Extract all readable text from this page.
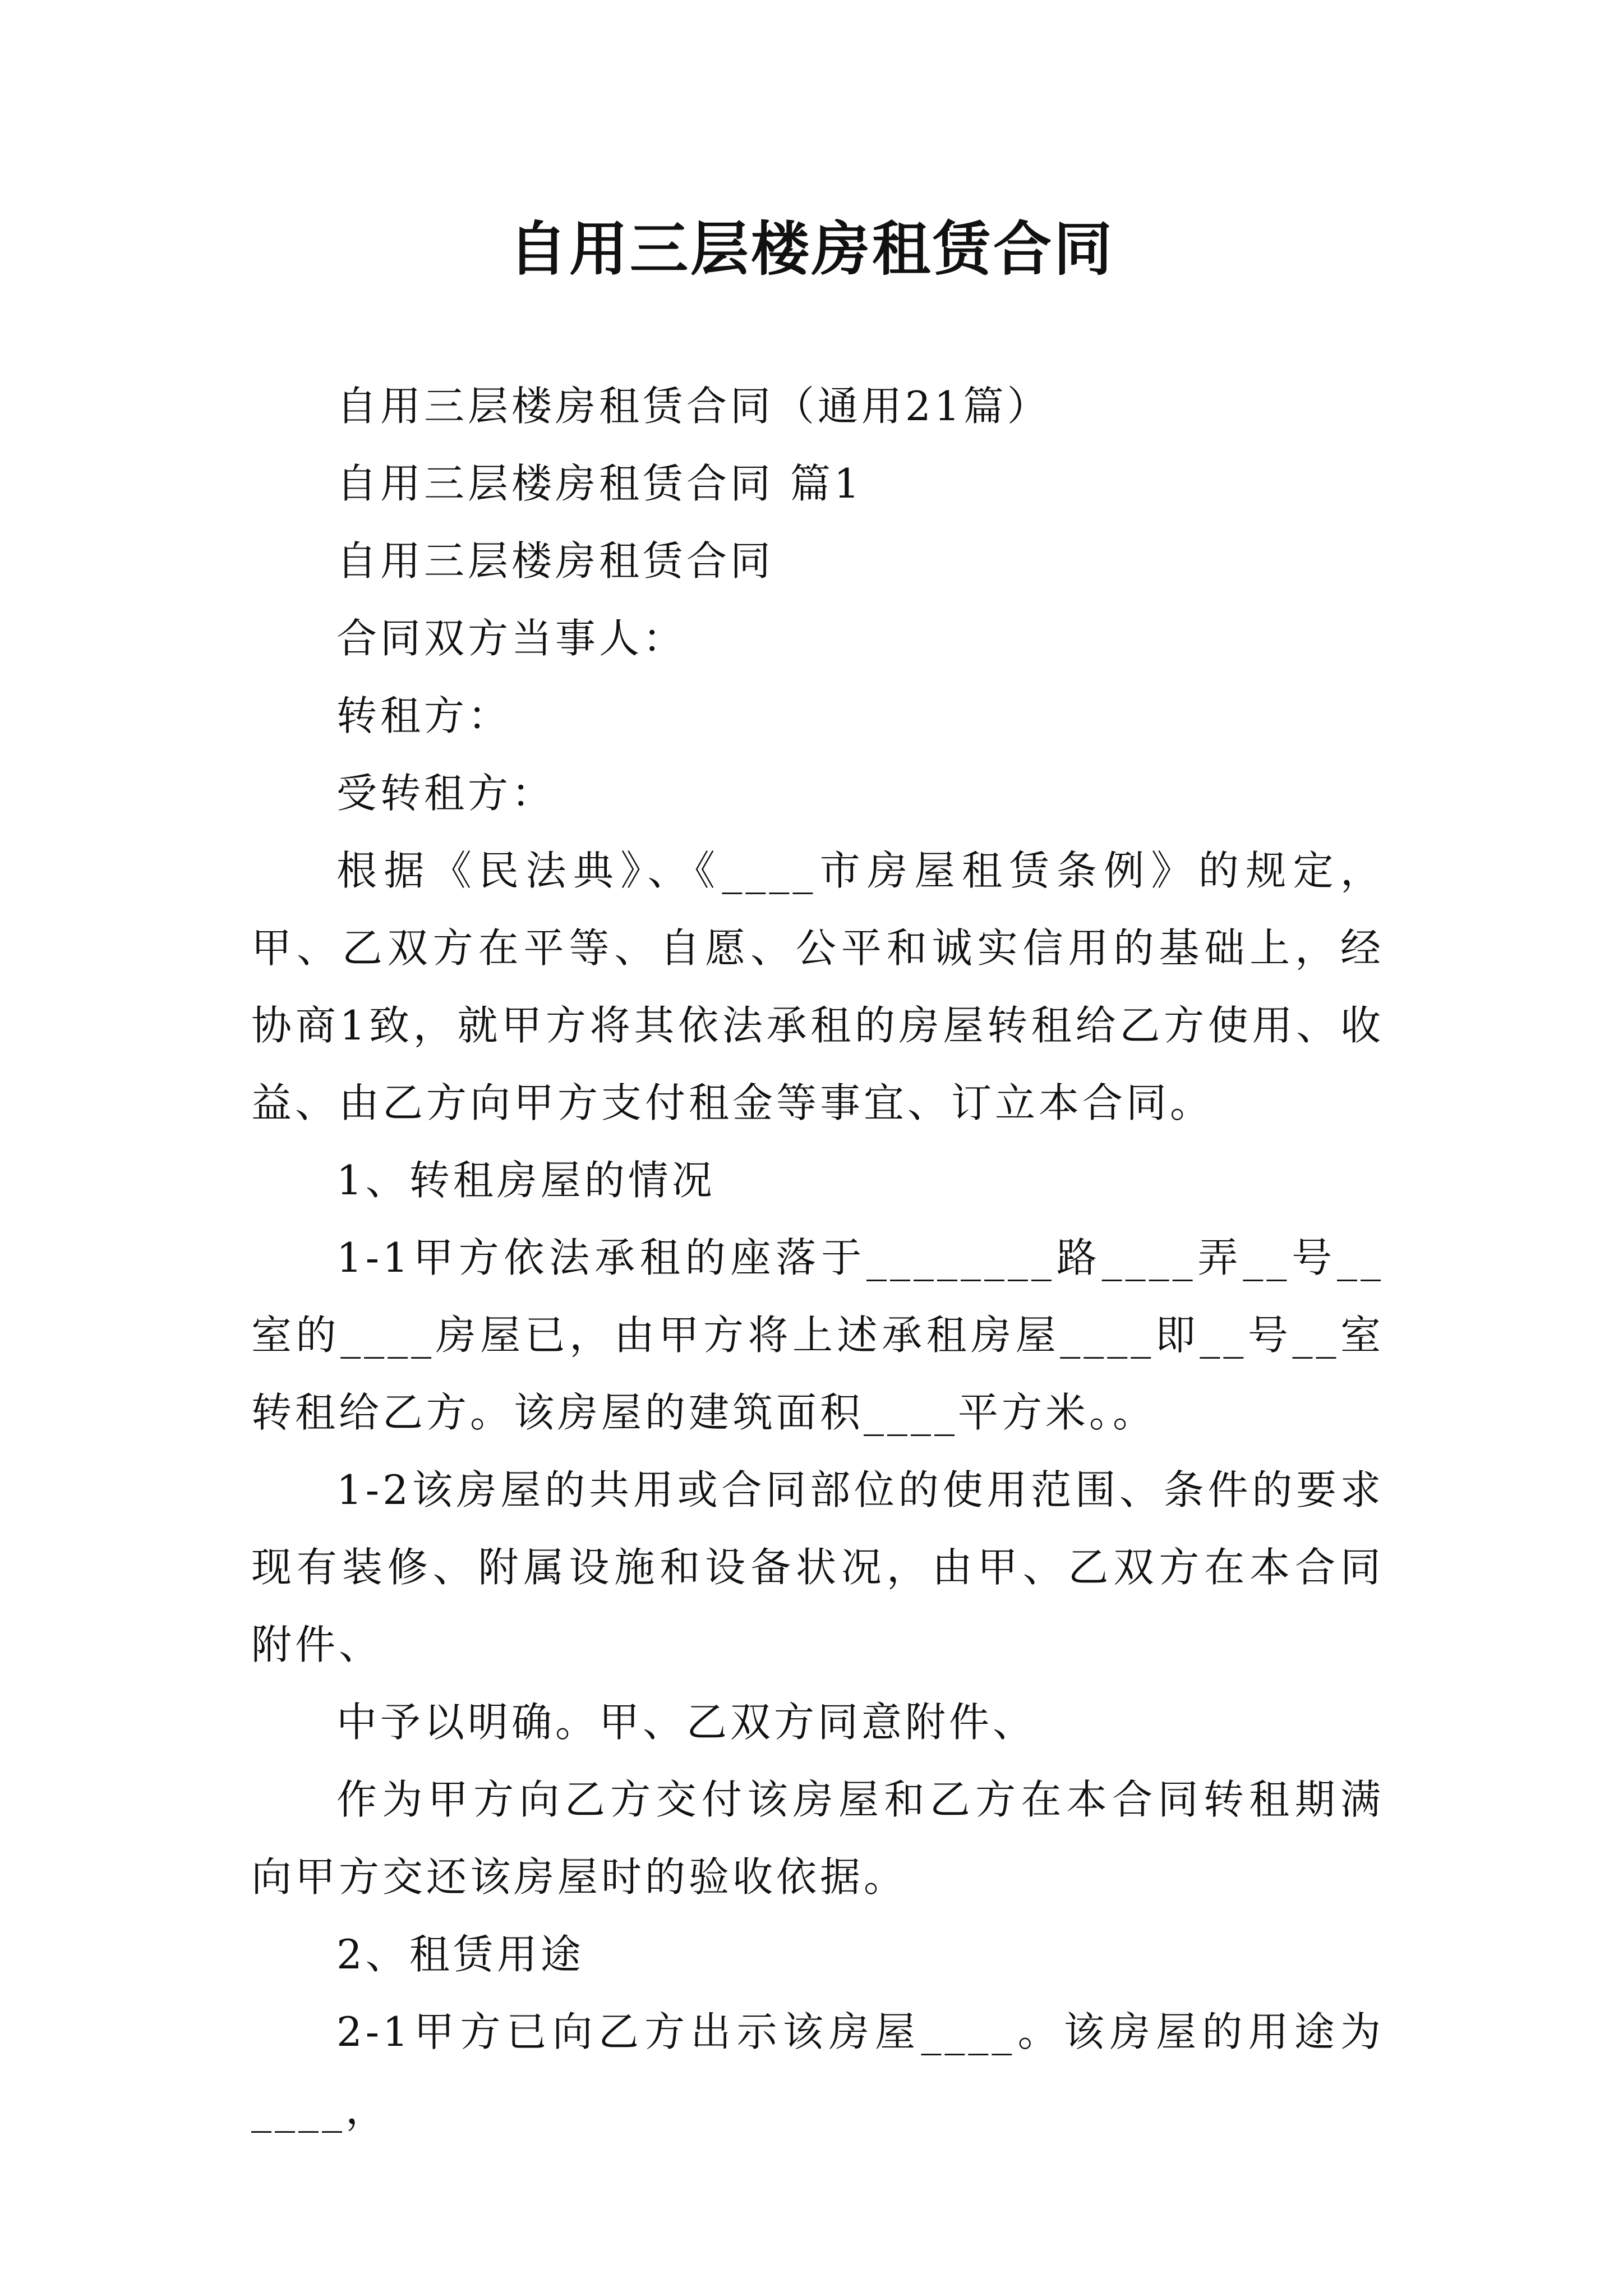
自用三层楼房租赁合同

自用三层楼房租赁合同（通用21篇）

自用三层楼房租赁合同 篇1

自用三层楼房租赁合同

合同双方当事人：

转租方：

受转租方：

根据《民法典》、《____市房屋租赁条例》的规定，甲、乙双方在平等、自愿、公平和诚实信用的基础上，经协商1致，就甲方将其依法承租的房屋转租给乙方使用、收益、由乙方向甲方支付租金等事宜、订立本合同。

1、转租房屋的情况

1-1甲方依法承租的座落于________路____弄__号__室的____房屋已，由甲方将上述承租房屋____即__号__室转租给乙方。该房屋的建筑面积____平方米。。

1-2该房屋的共用或合同部位的使用范围、条件的要求现有装修、附属设施和设备状况，由甲、乙双方在本合同附件、

中予以明确。甲、乙双方同意附件、

作为甲方向乙方交付该房屋和乙方在本合同转租期满向甲方交还该房屋时的验收依据。

2、租赁用途

2-1甲方已向乙方出示该房屋____。该房屋的用途为____，
